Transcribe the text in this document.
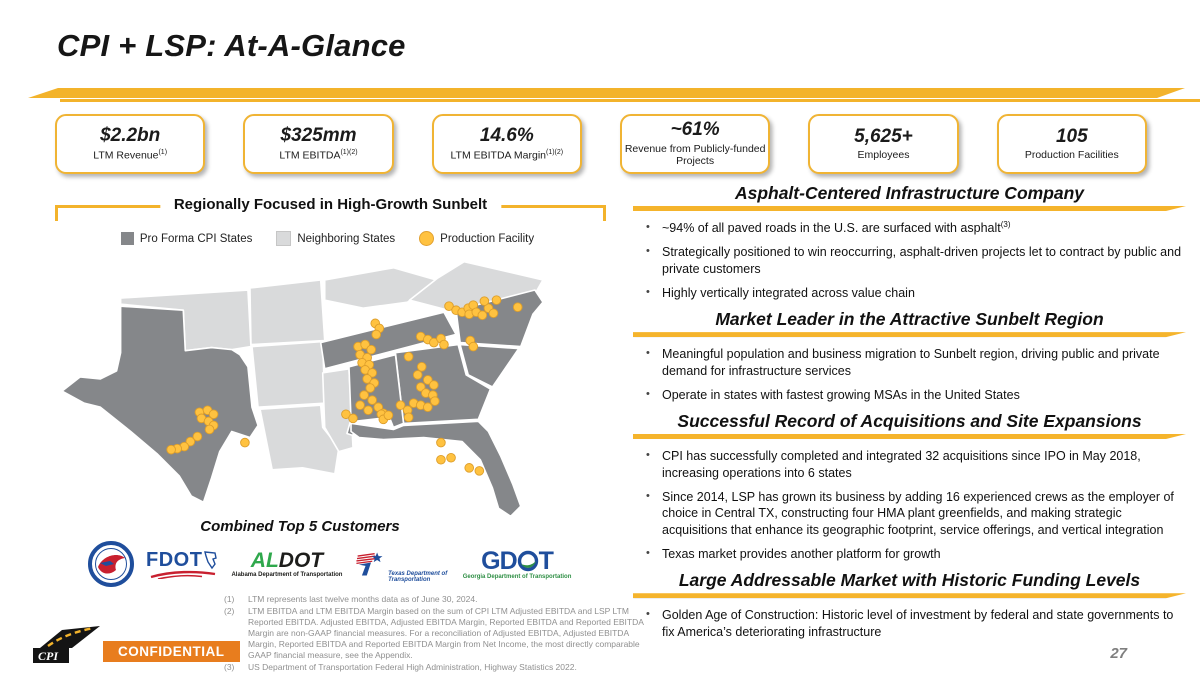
CPI + LSP: At-A-Glance
$2.2bn
LTM Revenue$^{(1)}$
$325mm
LTM $EBITDA^{(1)(2)}$
14.6%
LTM EBITDA Margin$^{(1)(2)}$
~61%
Revenue from Publicly-funded Projects
5,625+
Employees
105
Production Facilities
Regionally Focused in High-Growth Sunbelt
Pro Forma CPI States	Neighboring States	Production Facility
Combined Top 5 Customers
FDOT ALDOT
Alabama Department of Transportation	Texas Department of Transportation
GD T
Georgia Department of Transportation
(1)	LTM represents last twelve months data as of June 30, 2024.
(2)	LTM EBITDA and LTM EBITDA Margin based on the sum of CPI LTM Adjusted EBITDA and LSP LTM Reported EBITDA. Adjusted EBITDA, Adjusted EBITDA Margin, Reported EBITDA and Reported EBITDA Margin are non-GAAP financial measures. For a reconciliation of Adjusted EBITDA, Adjusted EBITDA Margin, Reported EBITDA and Reported EBITDA Margin from Net Income, the most directly comparable GAAP financial measure, see the Appendix.
(3)	US Department of Transportation Federal High Administration, Highway Statistics 2022.
CPI	CONFIDENTIAL
Asphalt-Centered Infrastructure Company
• ~94% of all paved roads in the U.S. are surfaced with asphalt$^{(3)}$
• Strategically positioned to win reoccurring, asphalt-driven projects let to contract by public and private customers
• Highly vertically integrated across value chain
Market Leader in the Attractive Sunbelt Region
• Meaningful population and business migration to Sunbelt region, driving public and private demand for infrastructure services
• Operate in states with fastest growing MSAs in the United States
Successful Record of Acquisitions and Site Expansions
• CPI has successfully completed and integrated 32 acquisitions since IPO in May 2018, increasing operations into 6 states
• Since 2014, LSP has grown its business by adding 16 experienced crews as the employer of choice in Central TX, constructing four HMA plant greenfields, and making strategic acquisitions that enhance its geographic footprint, service offerings, and vertical integration
• Texas market provides another platform for growth
Large Addressable Market with Historic Funding Levels
• Golden Age of Construction: Historic level of investment by federal and state governments to fix America’s deteriorating infrastructure
27
